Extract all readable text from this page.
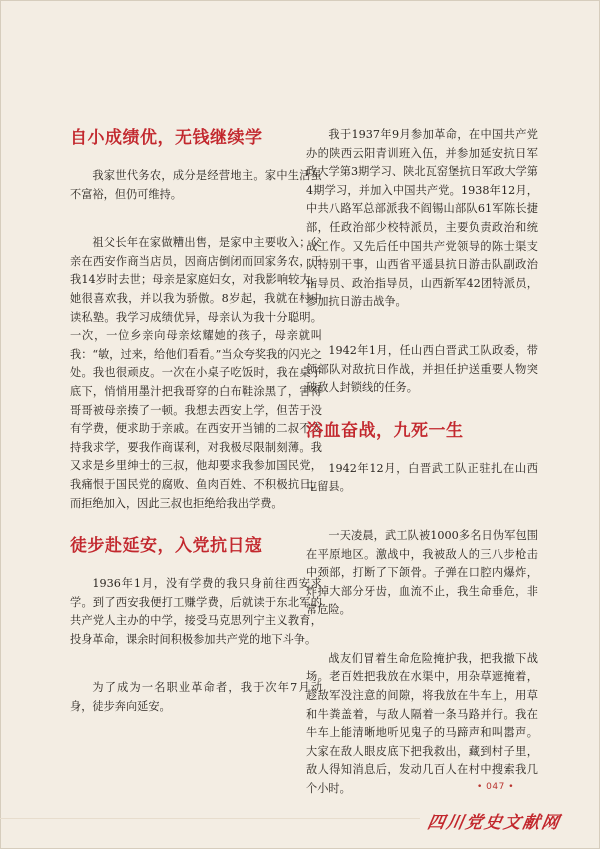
自小成绩优，无钱继续学

我家世代务农，成分是经营地主。家中生活虽不富裕，但仍可维持。

祖父长年在家做糟出售，是家中主要收入；父亲在西安作商当店员，因商店倒闭而回家务农，于我14岁时去世；母亲是家庭妇女，对我影响较大，她很喜欢我，并以我为骄傲。8岁起，我就在村中读私塾。我学习成绩优异，母亲认为我十分聪明。一次，一位乡亲向母亲炫耀她的孩子，母亲就叫我：“敏，过来，给他们看看。”当众夸奖我的闪光之处。我也很顽皮。一次在小桌子吃饭时，我在桌子底下，悄悄用墨汁把我哥穿的白布鞋涂黑了，害得哥哥被母亲揍了一顿。我想去西安上学，但苦于没有学费，便求助于亲戚。在西安开当铺的二叔不支持我求学，要我作商谋利，对我极尽限制刻薄。我又求是乡里绅士的三叔，他却要求我参加国民党，我痛恨于国民党的腐败、鱼肉百姓、不积极抗日，而拒绝加入，因此三叔也拒绝给我出学费。

徒步赴延安，入党抗日寇

1936年1月，没有学费的我只身前往西安求学。到了西安我便打工赚学费，后就读于东北军的共产党人主办的中学，接受马克思列宁主义教育，投身革命，课余时间积极参加共产党的地下斗争。

为了成为一名职业革命者，我于次年7月动身，徒步奔向延安。

我于1937年9月参加革命，在中国共产党办的陕西云阳青训班入伍，并参加延安抗日军政大学第3期学习、陕北瓦窑堡抗日军政大学第4期学习，并加入中国共产党。1938年12月，中共八路军总部派我不阎锡山部队61军陈长捷部，任政治部少校特派员，主要负责政治和统战工作。又先后任中国共产党领导的陈士渠支队特别干事，山西省平遥县抗日游击队副政治指导员、政治指导员，山西新军42团特派员，参加抗日游击战争。

1942年1月，任山西白晋武工队政委，带领部队对敌抗日作战，并担任护送重要人物突破敌人封锁线的任务。

浴血奋战，九死一生

1942年12月，白晋武工队正驻扎在山西屯留县。

一天凌晨，武工队被1000多名日伪军包围在平原地区。激战中，我被敌人的三八步枪击中颈部，打断了下颌骨。子弹在口腔内爆炸，炸掉大部分牙齿，血流不止，我生命垂危，非常危险。

战友们冒着生命危险掩护我，把我撤下战场。老百姓把我放在水渠中，用杂草遮掩着，趁敌军没注意的间隙，将我放在牛车上，用草和牛粪盖着，与敌人隔着一条马路并行。我在牛车上能清晰地听见鬼子的马蹄声和叫嚣声。大家在敌人眼皮底下把我救出，藏到村子里，敌人得知消息后，发动几百人在村中搜索我几个小时。	• 047 •
四川党史文献网
